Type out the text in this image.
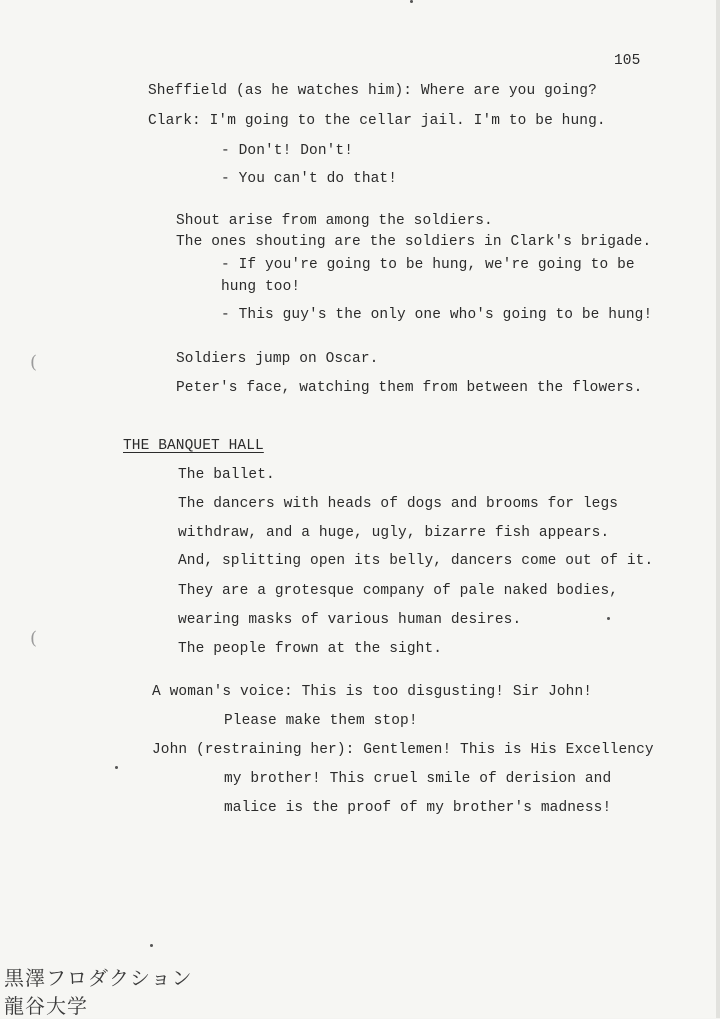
105
Sheffield (as he watches him): Where are you going?
Clark: I'm going to the cellar jail. I'm to be hung.
- Don't! Don't!
- You can't do that!
Shout arise from among the soldiers.
The ones shouting are the soldiers in Clark's brigade.
- If you're going to be hung, we're going to be
hung too!
- This guy's the only one who's going to be hung!
Soldiers jump on Oscar.
Peter's face, watching them from between the flowers.
THE BANQUET HALL
The ballet.
The dancers with heads of dogs and brooms for legs
withdraw, and a huge, ugly, bizarre fish appears.
And, splitting open its belly, dancers come out of it.
They are a grotesque company of pale naked bodies,
wearing masks of various human desires.
The people frown at the sight.
A woman's voice: This is too disgusting! Sir John!
Please make them stop!
John (restraining her): Gentlemen! This is His Excellency
my brother! This cruel smile of derision and
malice is the proof of my brother's madness!
(
(
黒澤フロダクション
龍谷大学
